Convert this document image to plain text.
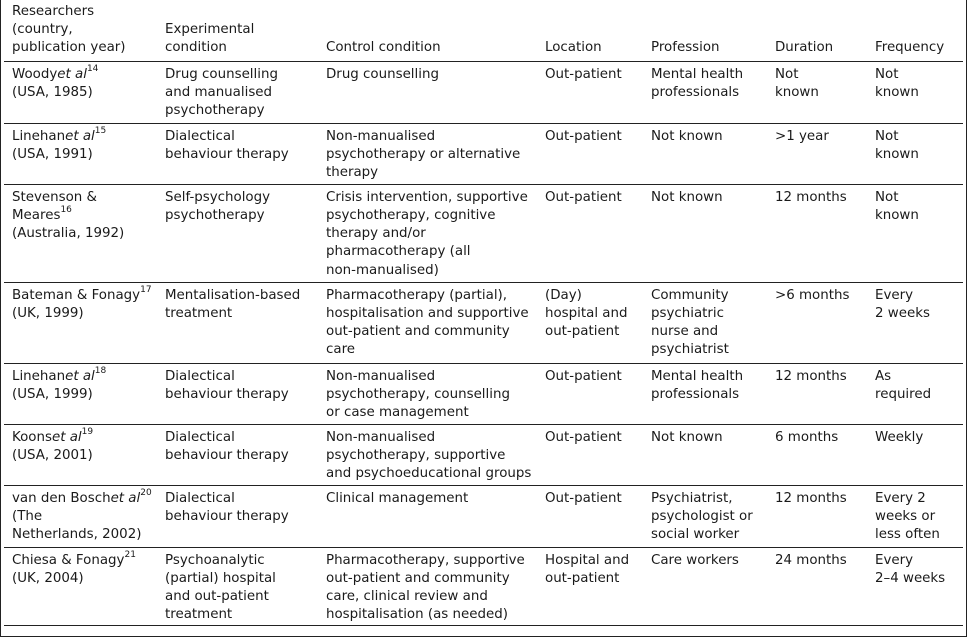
Researchers
(country,
publication year)	Experimental
condition	Control condition	Location	Profession	Duration	Frequency
Woodyet $al^{14}$
(USA, 1985)	Drug counselling
and manualised
psychotherapy	Drug counselling	Out-patient	Mental health
professionals	Not
known	Not
known
Linehanet $al^{15}$
(USA, 1991)	Dialectical
behaviour therapy	Non-manualised
psychotherapy or alternative
therapy	Out-patient	Not known	>1 year	Not
known
Stevenson &
Meares$^{16}$
(Australia, 1992)	Self-psychology
psychotherapy	Crisis intervention, supportive
psychotherapy, cognitive
therapy and/or
pharmacotherapy (all
non-manualised)	Out-patient	Not known	12 months	Not
known
Bateman & Fonagy$^{17}$
(UK, 1999)	Mentalisation-based
treatment	Pharmacotherapy (partial),
hospitalisation and supportive
out-patient and community
care	(Day)
hospital and
out-patient	Community
psychiatric
nurse and
psychiatrist	>6 months	Every
2 weeks
Linehanet $al^{18}$
(USA, 1999)	Dialectical
behaviour therapy	Non-manualised
psychotherapy, counselling
or case management	Out-patient	Mental health
professionals	12 months	As
required
Koonset $al^{19}$
(USA, 2001)	Dialectical
behaviour therapy	Non-manualised
psychotherapy, supportive
and psychoeducational groups	Out-patient	Not known	6 months	Weekly
van den Boschet $al^{20}$
(The
Netherlands, 2002)	Dialectical
behaviour therapy	Clinical management	Out-patient	Psychiatrist,
psychologist or
social worker	12 months	Every 2
weeks or
less often
Chiesa & Fonagy$^{21}$
(UK, 2004)	Psychoanalytic
(partial) hospital
and out-patient
treatment	Pharmacotherapy, supportive
out-patient and community
care, clinical review and
hospitalisation (as needed)	Hospital and
out-patient	Care workers	24 months	Every
2–4 weeks
